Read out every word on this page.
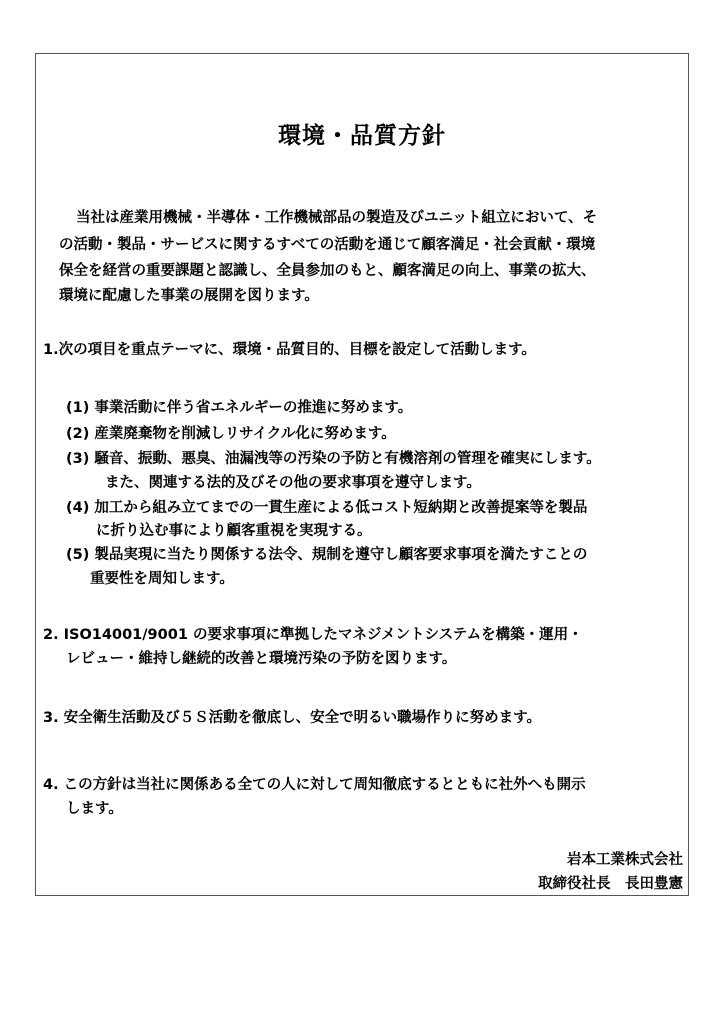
環境・品質方針
当社は産業用機械・半導体・工作機械部品の製造及びユニット組立において、そ
の活動・製品・サービスに関するすべての活動を通じて顧客満足・社会貢献・環境
保全を経営の重要課題と認識し、全員参加のもと、顧客満足の向上、事業の拡大、
環境に配慮した事業の展開を図ります。
1.次の項目を重点テーマに、環境・品質目的、目標を設定して活動します。
(1) 事業活動に伴う省エネルギーの推進に努めます。
(2) 産業廃棄物を削減しリサイクル化に努めます。
(3) 騒音、振動、悪臭、油漏洩等の汚染の予防と有機溶剤の管理を確実にします。
また、関連する法的及びその他の要求事項を遵守します。
(4) 加工から組み立てまでの一貫生産による低コスト短納期と改善提案等を製品
に折り込む事により顧客重視を実現する。
(5) 製品実現に当たり関係する法令、規制を遵守し顧客要求事項を満たすことの
重要性を周知します。
2. ISO14001/9001 の要求事項に準拠したマネジメントシステムを構築・運用・
レビュー・維持し継続的改善と環境汚染の予防を図ります。
3. 安全衛生活動及び５Ｓ活動を徹底し、安全で明るい職場作りに努めます。
4. この方針は当社に関係ある全ての人に対して周知徹底するとともに社外へも開示
します。
岩本工業株式会社
取締役社長　長田豊憲
